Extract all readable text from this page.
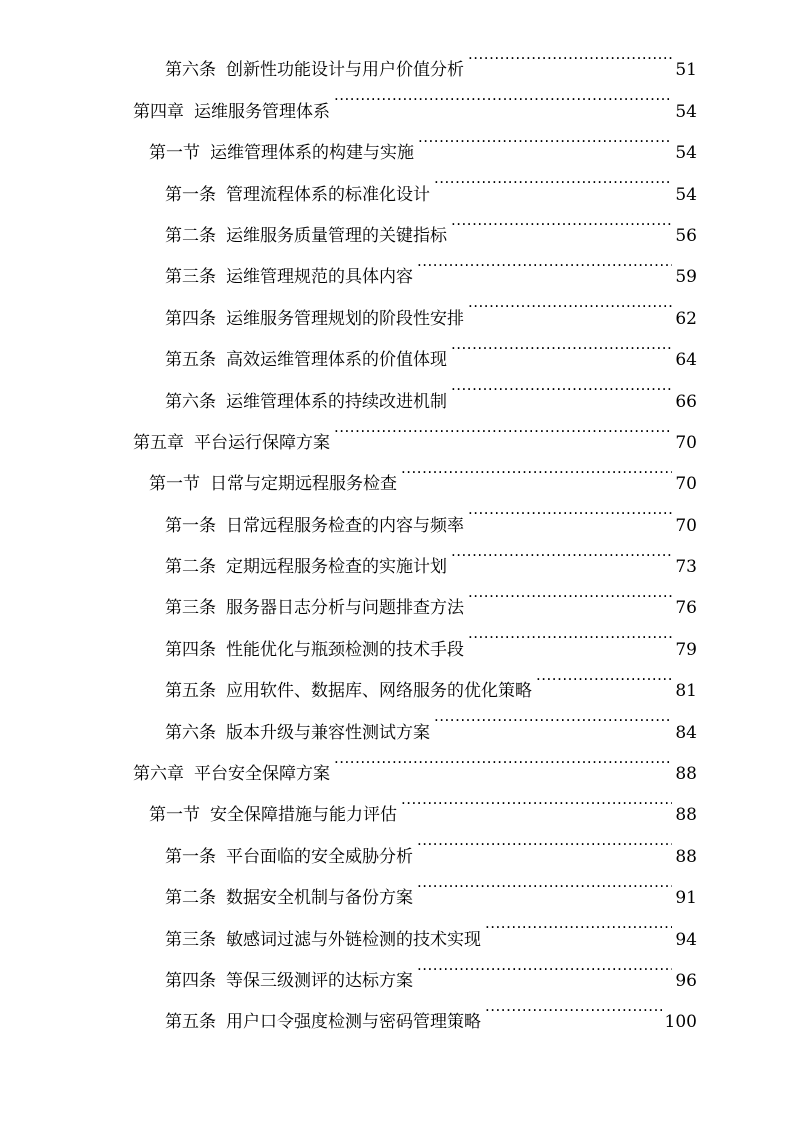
第六条 创新性功能设计与用户价值分析 .....	51
第四章 运维服务管理体系 .....	54
第一节 运维管理体系的构建与实施 .....	54
第一条 管理流程体系的标准化设计 .....	54
第二条 运维服务质量管理的关键指标 .....	56
第三条 运维管理规范的具体内容 .....	59
第四条 运维服务管理规划的阶段性安排 .....	62
第五条 高效运维管理体系的价值体现 .....	64
第六条 运维管理体系的持续改进机制 .....	66
第五章 平台运行保障方案 .....	70
第一节 日常与定期远程服务检查 .....	70
第一条 日常远程服务检查的内容与频率 .....	70
第二条 定期远程服务检查的实施计划 .....	73
第三条 服务器日志分析与问题排查方法 .....	76
第四条 性能优化与瓶颈检测的技术手段 .....	79
第五条 应用软件、数据库、网络服务的优化策略 .....	81
第六条 版本升级与兼容性测试方案 .....	84
第六章 平台安全保障方案 .....	88
第一节 安全保障措施与能力评估 .....	88
第一条 平台面临的安全威胁分析 .....	88
第二条 数据安全机制与备份方案 .....	91
第三条 敏感词过滤与外链检测的技术实现 .....	94
第四条 等保三级测评的达标方案 .....	96
第五条 用户口令强度检测与密码管理策略 .....	100
